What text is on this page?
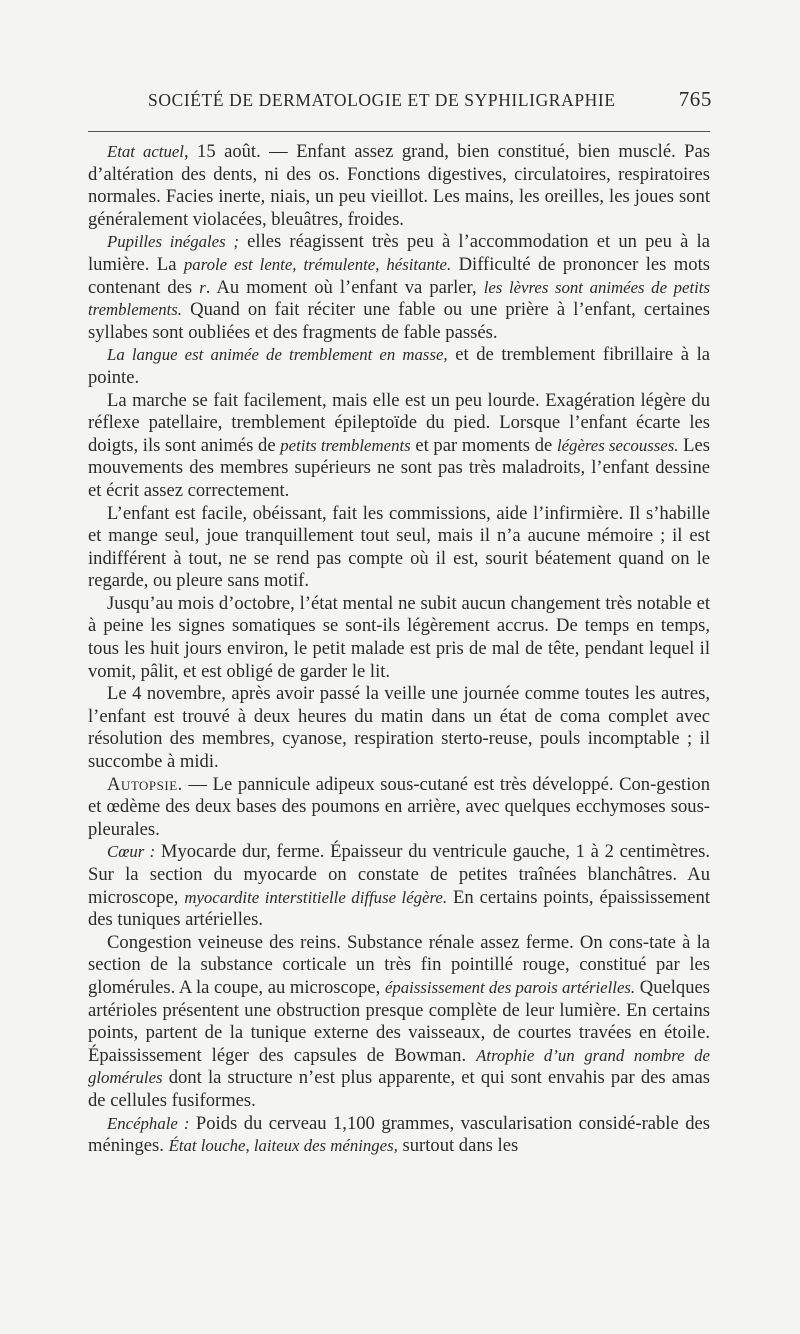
SOCIÉTÉ DE DERMATOLOGIE ET DE SYPHILIGRAPHIE	765

Etat actuel, 15 août. — Enfant assez grand, bien constitué, bien musclé. Pas d’altération des dents, ni des os. Fonctions digestives, circulatoires, respiratoires normales. Facies inerte, niais, un peu vieillot. Les mains, les oreilles, les joues sont généralement violacées, bleuâtres, froides.

Pupilles inégales ; elles réagissent très peu à l’accommodation et un peu à la lumière. La parole est lente, trémulente, hésitante. Difficulté de prononcer les mots contenant des r. Au moment où l’enfant va parler, les lèvres sont animées de petits tremblements. Quand on fait réciter une fable ou une prière à l’enfant, certaines syllabes sont oubliées et des fragments de fable passés.

La langue est animée de tremblement en masse, et de tremblement fibrillaire à la pointe.

La marche se fait facilement, mais elle est un peu lourde. Exagération légère du réflexe patellaire, tremblement épileptoïde du pied. Lorsque l’enfant écarte les doigts, ils sont animés de petits tremblements et par moments de légères secousses. Les mouvements des membres supérieurs ne sont pas très maladroits, l’enfant dessine et écrit assez correctement.

L’enfant est facile, obéissant, fait les commissions, aide l’infirmière. Il s’habille et mange seul, joue tranquillement tout seul, mais il n’a aucune mémoire ; il est indifférent à tout, ne se rend pas compte où il est, sourit béatement quand on le regarde, ou pleure sans motif.

Jusqu’au mois d’octobre, l’état mental ne subit aucun changement très notable et à peine les signes somatiques se sont-ils légèrement accrus. De temps en temps, tous les huit jours environ, le petit malade est pris de mal de tête, pendant lequel il vomit, pâlit, et est obligé de garder le lit.

Le 4 novembre, après avoir passé la veille une journée comme toutes les autres, l’enfant est trouvé à deux heures du matin dans un état de coma complet avec résolution des membres, cyanose, respiration sterto-reuse, pouls incomptable ; il succombe à midi.

Autopsie. — Le pannicule adipeux sous-cutané est très développé. Con-gestion et œdème des deux bases des poumons en arrière, avec quelques ecchymoses sous-pleurales.

Cœur : Myocarde dur, ferme. Épaisseur du ventricule gauche, 1 à 2 centimètres. Sur la section du myocarde on constate de petites traînées blanchâtres. Au microscope, myocardite interstitielle diffuse légère. En certains points, épaississement des tuniques artérielles.

Congestion veineuse des reins. Substance rénale assez ferme. On cons-tate à la section de la substance corticale un très fin pointillé rouge, constitué par les glomérules. A la coupe, au microscope, épaississement des parois artérielles. Quelques artérioles présentent une obstruction presque complète de leur lumière. En certains points, partent de la tunique externe des vaisseaux, de courtes travées en étoile. Épaississement léger des capsules de Bowman. Atrophie d’un grand nombre de glomérules dont la structure n’est plus apparente, et qui sont envahis par des amas de cellules fusiformes.

Encéphale : Poids du cerveau 1,100 grammes, vascularisation considé-rable des méninges. État louche, laiteux des méninges, surtout dans les
